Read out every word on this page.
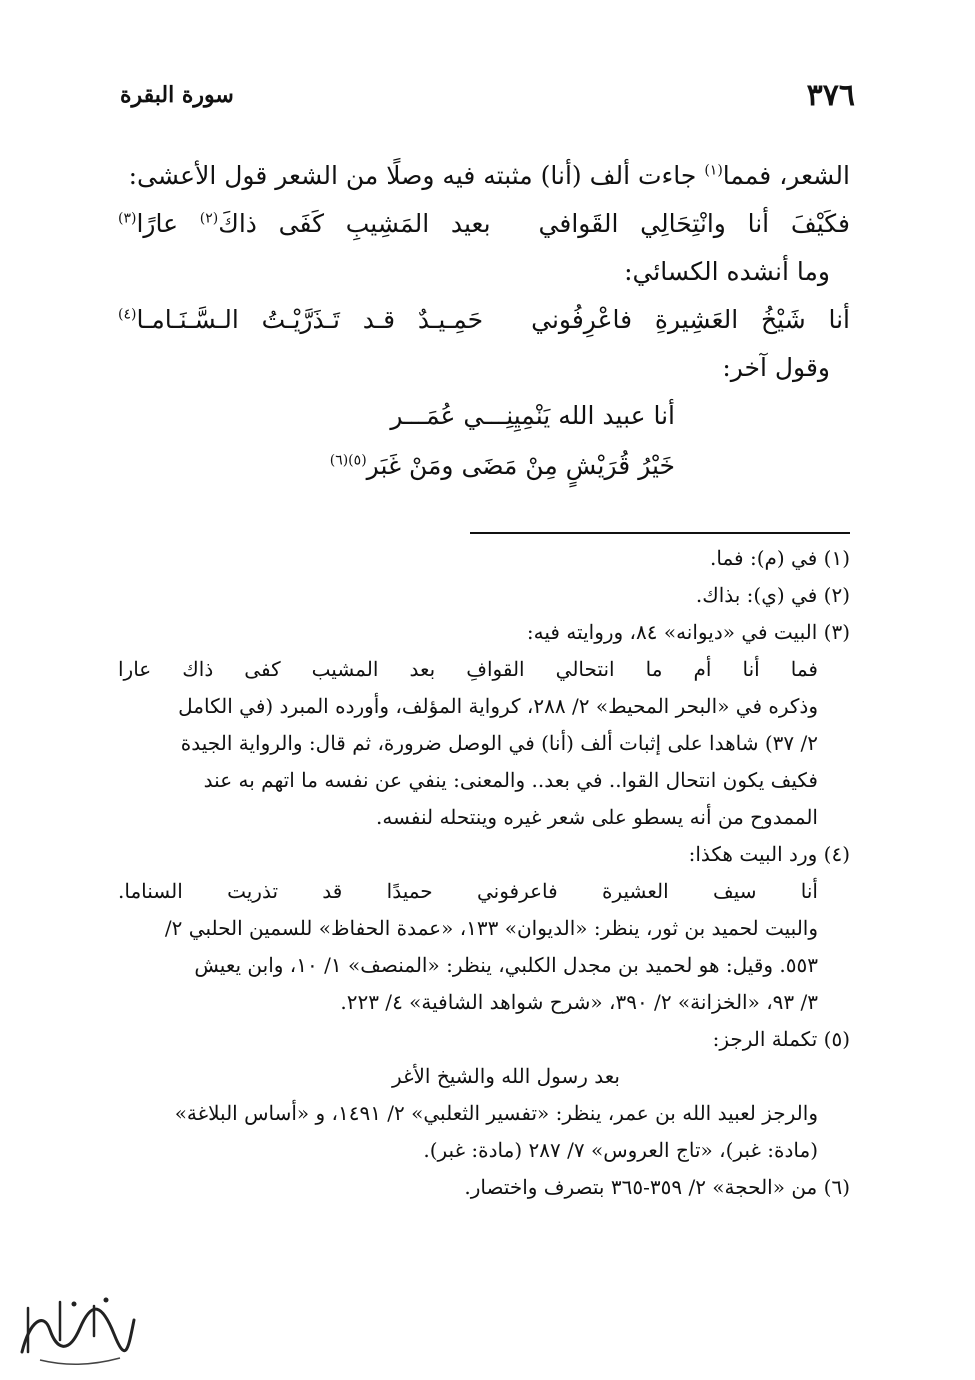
٣٧٦
سورة البقرة
الشعر، فمما$^{(١)}$ جاءت ألف (أنا) مثبته فيه وصلًا من الشعر قول الأعشى:
فكَيْفَ أنا وانْتِحَالِي القَوافيبعيد المَشِيبِ كَفَى ذاكَ$^{(٢)}$ عارًا$^{(٣)}$
وما أنشده الكسائي:
أنا شَيْخُ العَشِيرةِ فاعْرِفُونيحَمِـيـدٌ قـد تَـذَرَّيْـتُ الـسَّـنَـامـا$^{(٤)}$
وقول آخر:
أنا عبيد الله يَنْمِيِنِـــي عُمَـــر
خَيْرُ قُرَيْشٍ مِنْ مَضَى ومَنْ غَبَر$^{(٥)(٦)}$
(١) في (م): فما.
(٢) في (ي): بذاك.
(٣) البيت في «ديوانه» ٨٤، وروايته فيه:
فما أنا أم ما انتحالي القوافِ بعد المشيب كفى ذاك عارا
وذكره في «البحر المحيط» ٢/ ٢٨٨، كرواية المؤلف، وأورده المبرد (في الكامل
٢/ ٣٧) شاهدا على إثبات ألف (أنا) في الوصل ضرورة، ثم قال: والرواية الجيدة
فكيف يكون انتحال القوا.. في بعد.. والمعنى: ينفي عن نفسه ما اتهم به عند
الممدوح من أنه يسطو على شعر غيره وينتحله لنفسه.
(٤) ورد البيت هكذا:
أنا سيف العشيرة فاعرفوني حميدًا قد تذريت السناما.
والبيت لحميد بن ثور، ينظر: «الديوان» ١٣٣، «عمدة الحفاظ» للسمين الحلبي ٢/
٥٥٣. وقيل: هو لحميد بن مجدل الكلبي، ينظر: «المنصف» ١/ ١٠، وابن يعيش
٣/ ٩٣، «الخزانة» ٢/ ٣٩٠، «شرح شواهد الشافية» ٤/ ٢٢٣.
(٥) تكملة الرجز:
بعد رسول الله والشيخ الأغر
والرجز لعبيد الله بن عمر، ينظر: «تفسير الثعلبي» ٢/ ١٤٩١، و «أساس البلاغة»
(مادة: غبر)، «تاج العروس» ٧/ ٢٨٧ (مادة: غبر).
(٦) من «الحجة» ٢/ ٣٥٩-٣٦٥ بتصرف واختصار.
